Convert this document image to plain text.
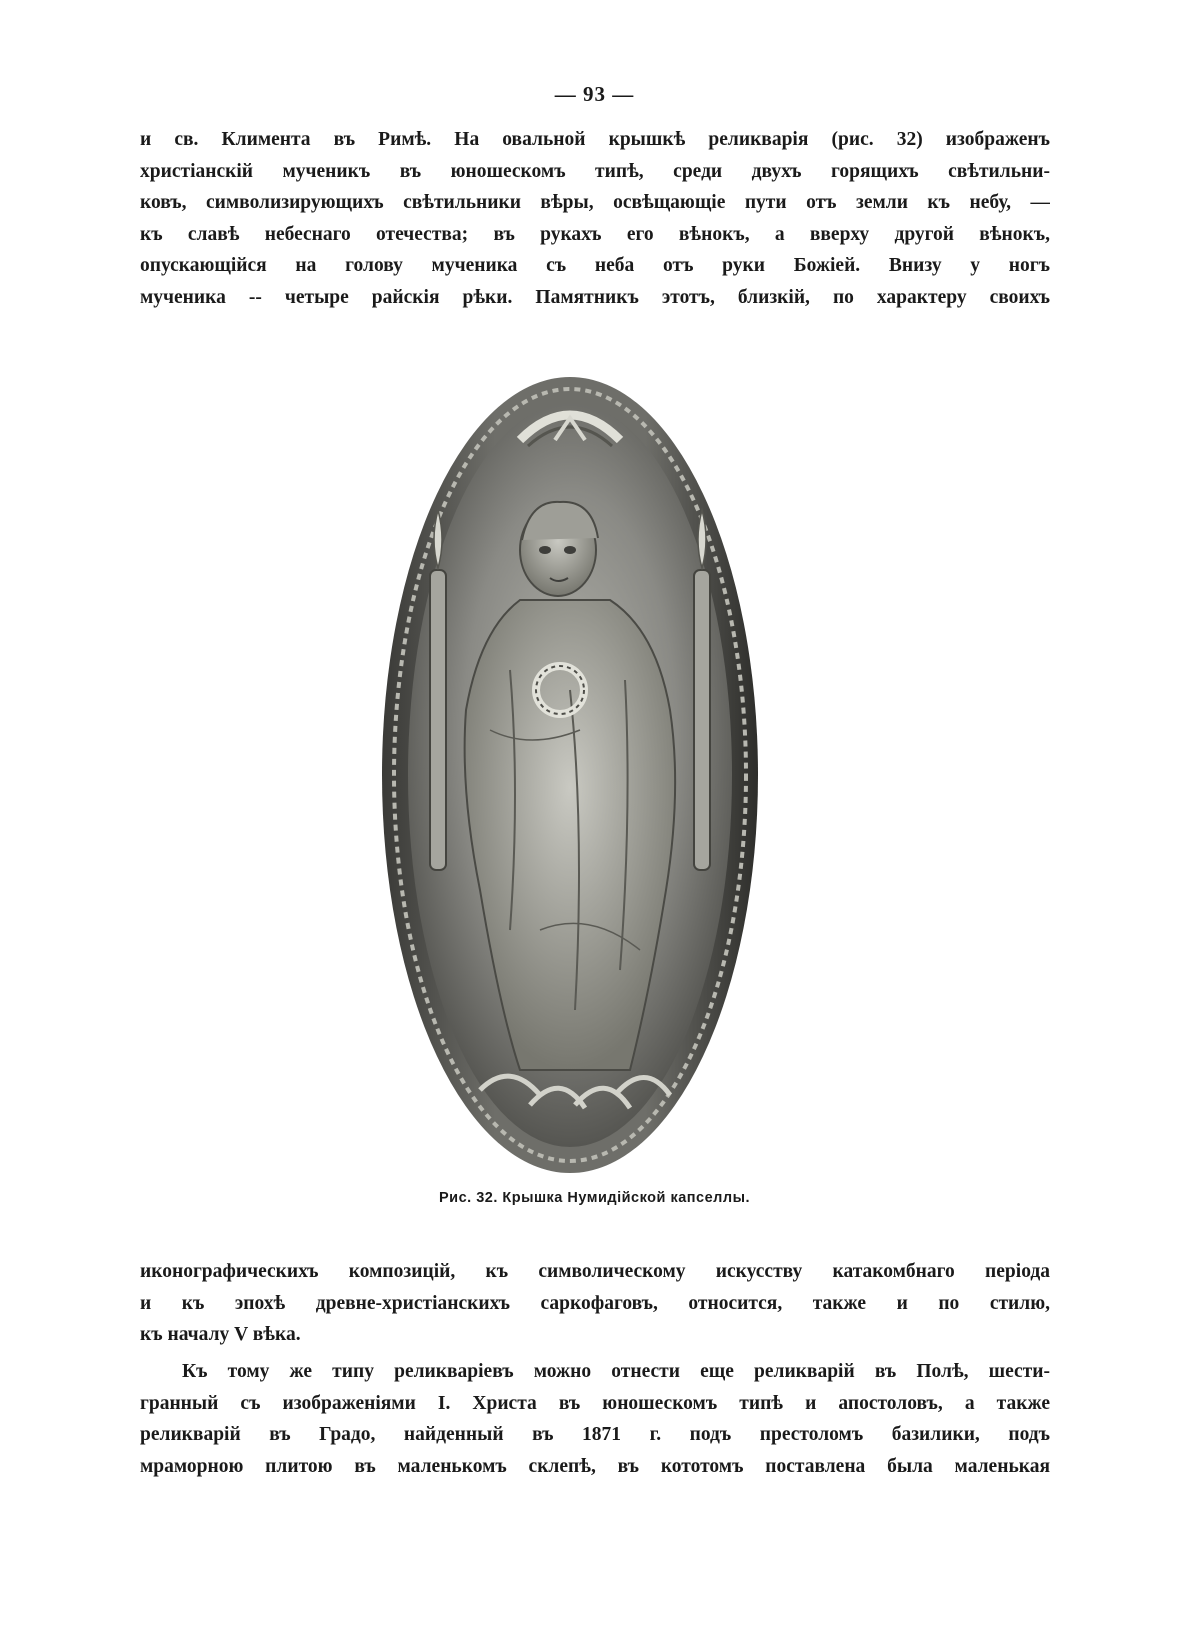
— 93 —
и св. Климента въ Римѣ. На овальной крышкѣ реликварія (рис. 32) изображенъ
христіанскій мученикъ въ юношескомъ типѣ, среди двухъ горящихъ свѣтильни-
ковъ, символизирующихъ свѣтильники вѣры, освѣщающіе пути отъ земли къ небу, —
къ славѣ небеснаго отечества; въ рукахъ его вѣнокъ, а вверху другой вѣнокъ,
опускающійся на голову мученика съ неба отъ руки Божіей. Внизу у ногъ
мученика -- четыре райскія рѣки. Памятникъ этотъ, близкій, по характеру своихъ
Рис. 32. Крышка Нумидійской капселлы.
иконографическихъ композицій, къ символическому искусству катакомбнаго періода
и къ эпохѣ древне-христіанскихъ саркофаговъ, относится, также и по стилю,
къ началу V вѣка.
Къ тому же типу реликваріевъ можно отнести еще реликварій въ Полѣ, шести-
гранный съ изображеніями І. Христа въ юношескомъ типѣ и апостоловъ, а также
реликварій въ Градо, найденный въ 1871 г. подъ престоломъ базилики, подъ
мраморною плитою въ маленькомъ склепѣ, въ кототомъ поставлена была маленькая
